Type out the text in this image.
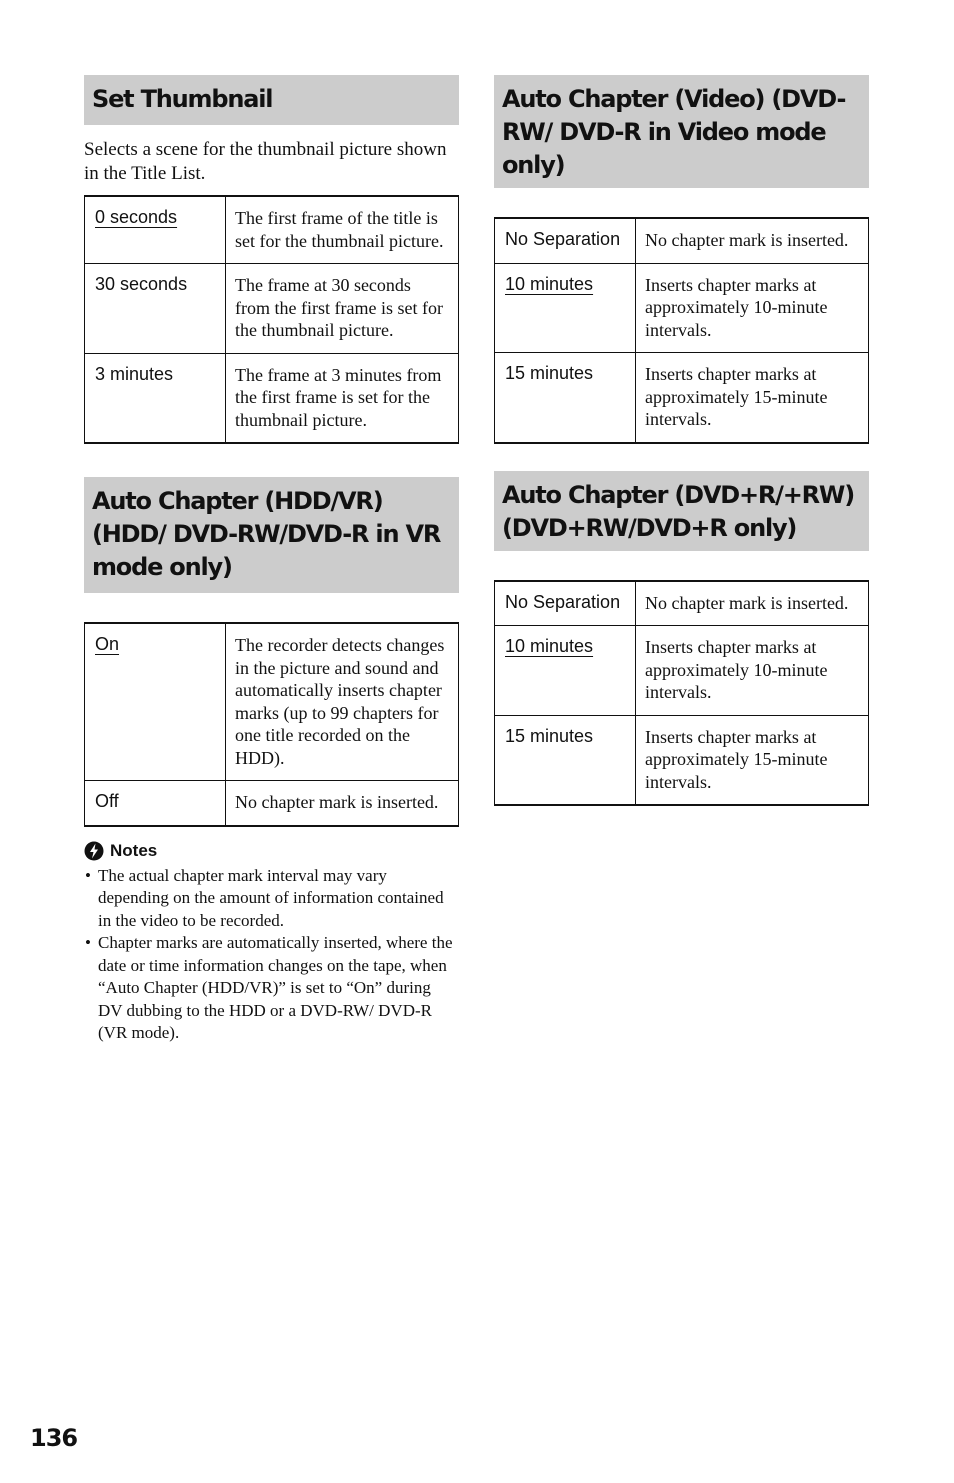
Set Thumbnail

Selects a scene for the thumbnail picture shown in the Title List.

0 seconds	The first frame of the title is set for the thumbnail picture.
30 seconds	The frame at 30 seconds from the first frame is set for the thumbnail picture.
3 minutes	The frame at 3 minutes from the first frame is set for the thumbnail picture.
Auto Chapter (HDD/VR) (HDD/ DVD-RW/DVD-R in VR mode only)
On	The recorder detects changes in the picture and sound and automatically inserts chapter marks (up to 99 chapters for one title recorded on the HDD).
Off	No chapter mark is inserted.
Notes
• The actual chapter mark interval may vary depending on the amount of information contained in the video to be recorded.
• Chapter marks are automatically inserted, where the date or time information changes on the tape, when “Auto Chapter (HDD/VR)” is set to “On” during DV dubbing to the HDD or a DVD-RW/ DVD-R (VR mode).
Auto Chapter (Video) (DVD-RW/ DVD-R in Video mode only)
No Separation	No chapter mark is inserted.
10 minutes	Inserts chapter marks at approximately 10-minute intervals.
15 minutes	Inserts chapter marks at approximately 15-minute intervals.
Auto Chapter (DVD+R/+RW) (DVD+RW/DVD+R only)
No Separation	No chapter mark is inserted.
10 minutes	Inserts chapter marks at approximately 10-minute intervals.
15 minutes	Inserts chapter marks at approximately 15-minute intervals.
136
